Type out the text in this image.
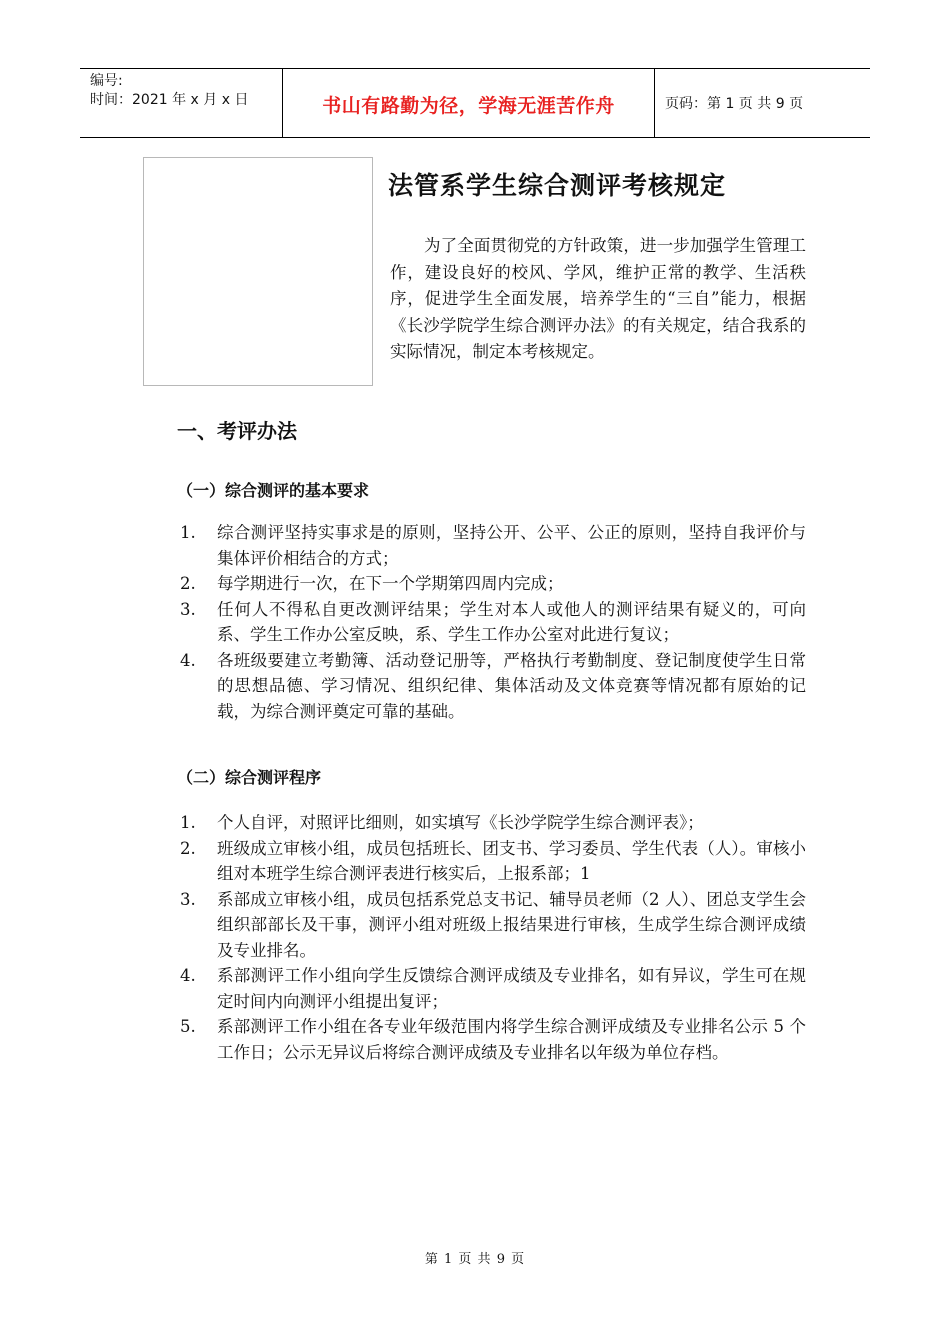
编号:
时间：2021 年 x 月 x 日	书山有路勤为径，学海无涯苦作舟	页码：第 1 页 共 9 页
法管系学生综合测评考核规定
为了全面贯彻党的方针政策，进一步加强学生管理工作，建设良好的校风、学风，维护正常的教学、生活秩序，促进学生全面发展，培养学生的“三自”能力，根据《长沙学院学生综合测评办法》的有关规定，结合我系的实际情况，制定本考核规定。
一、考评办法
（一）综合测评的基本要求
1. 综合测评坚持实事求是的原则，坚持公开、公平、公正的原则，坚持自我评价与集体评价相结合的方式；
2. 每学期进行一次，在下一个学期第四周内完成；
3. 任何人不得私自更改测评结果；学生对本人或他人的测评结果有疑义的，可向系、学生工作办公室反映，系、学生工作办公室对此进行复议；
4. 各班级要建立考勤簿、活动登记册等，严格执行考勤制度、登记制度使学生日常的思想品德、学习情况、组织纪律、集体活动及文体竞赛等情况都有原始的记载，为综合测评奠定可靠的基础。
（二）综合测评程序
1. 个人自评，对照评比细则，如实填写《长沙学院学生综合测评表》；
2. 班级成立审核小组，成员包括班长、团支书、学习委员、学生代表（人）。审核小组对本班学生综合测评表进行核实后，上报系部；1
3. 系部成立审核小组，成员包括系党总支书记、辅导员老师（2 人）、团总支学生会组织部部长及干事，测评小组对班级上报结果进行审核，生成学生综合测评成绩及专业排名。
4. 系部测评工作小组向学生反馈综合测评成绩及专业排名，如有异议，学生可在规定时间内向测评小组提出复评；
5. 系部测评工作小组在各专业年级范围内将学生综合测评成绩及专业排名公示 5 个工作日；公示无异议后将综合测评成绩及专业排名以年级为单位存档。
第 1 页 共 9 页
